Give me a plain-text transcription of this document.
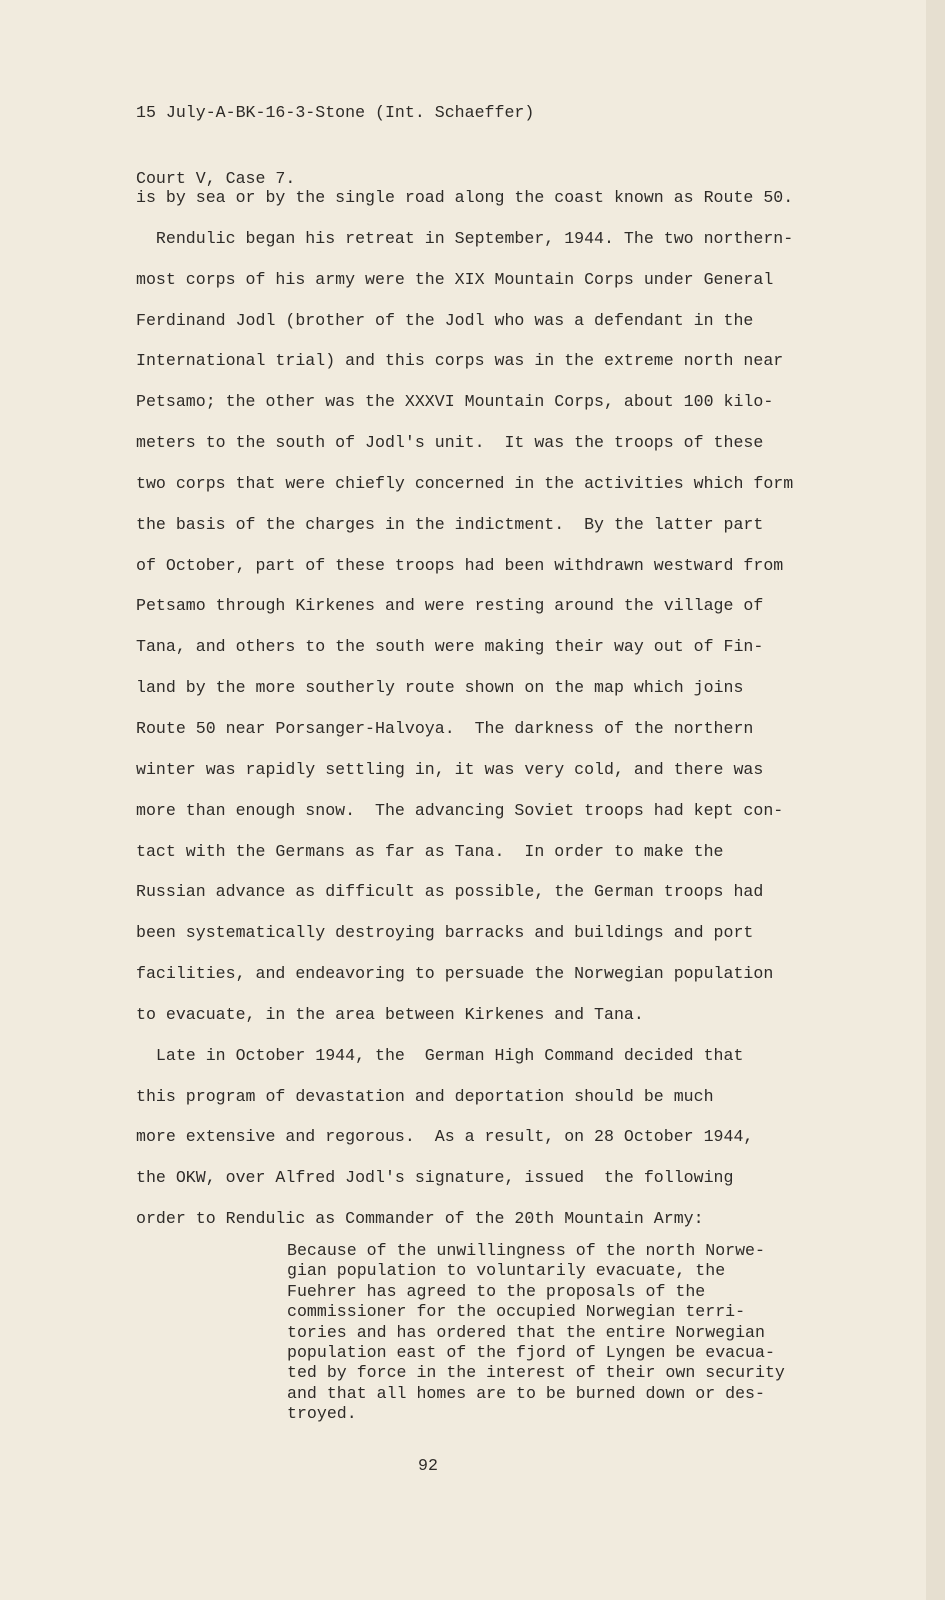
15 July-A-BK-16-3-Stone (Int. Schaeffer)

Court V, Case 7.

is by sea or by the single road along the coast known as Route 50.
Rendulic began his retreat in September, 1944. The two northern-
most corps of his army were the XIX Mountain Corps under General
Ferdinand Jodl (brother of the Jodl who was a defendant in the
International trial) and this corps was in the extreme north near
Petsamo; the other was the XXXVI Mountain Corps, about 100 kilo-
meters to the south of Jodl's unit.  It was the troops of these
two corps that were chiefly concerned in the activities which form
the basis of the charges in the indictment.  By the latter part
of October, part of these troops had been withdrawn westward from
Petsamo through Kirkenes and were resting around the village of
Tana, and others to the south were making their way out of Fin-
land by the more southerly route shown on the map which joins
Route 50 near Porsanger-Halvoya.  The darkness of the northern
winter was rapidly settling in, it was very cold, and there was
more than enough snow.  The advancing Soviet troops had kept con-
tact with the Germans as far as Tana.  In order to make the
Russian advance as difficult as possible, the German troops had
been systematically destroying barracks and buildings and port
facilities, and endeavoring to persuade the Norwegian population
to evacuate, in the area between Kirkenes and Tana.
Late in October 1944, the  German High Command decided that
this program of devastation and deportation should be much
more extensive and regorous.  As a result, on 28 October 1944,
the OKW, over Alfred Jodl's signature, issued  the following
order to Rendulic as Commander of the 20th Mountain Army:
Because of the unwillingness of the north Norwe-
gian population to voluntarily evacuate, the
Fuehrer has agreed to the proposals of the
commissioner for the occupied Norwegian terri-
tories and has ordered that the entire Norwegian
population east of the fjord of Lyngen be evacua-
ted by force in the interest of their own security
and that all homes are to be burned down or des-
troyed.
92
